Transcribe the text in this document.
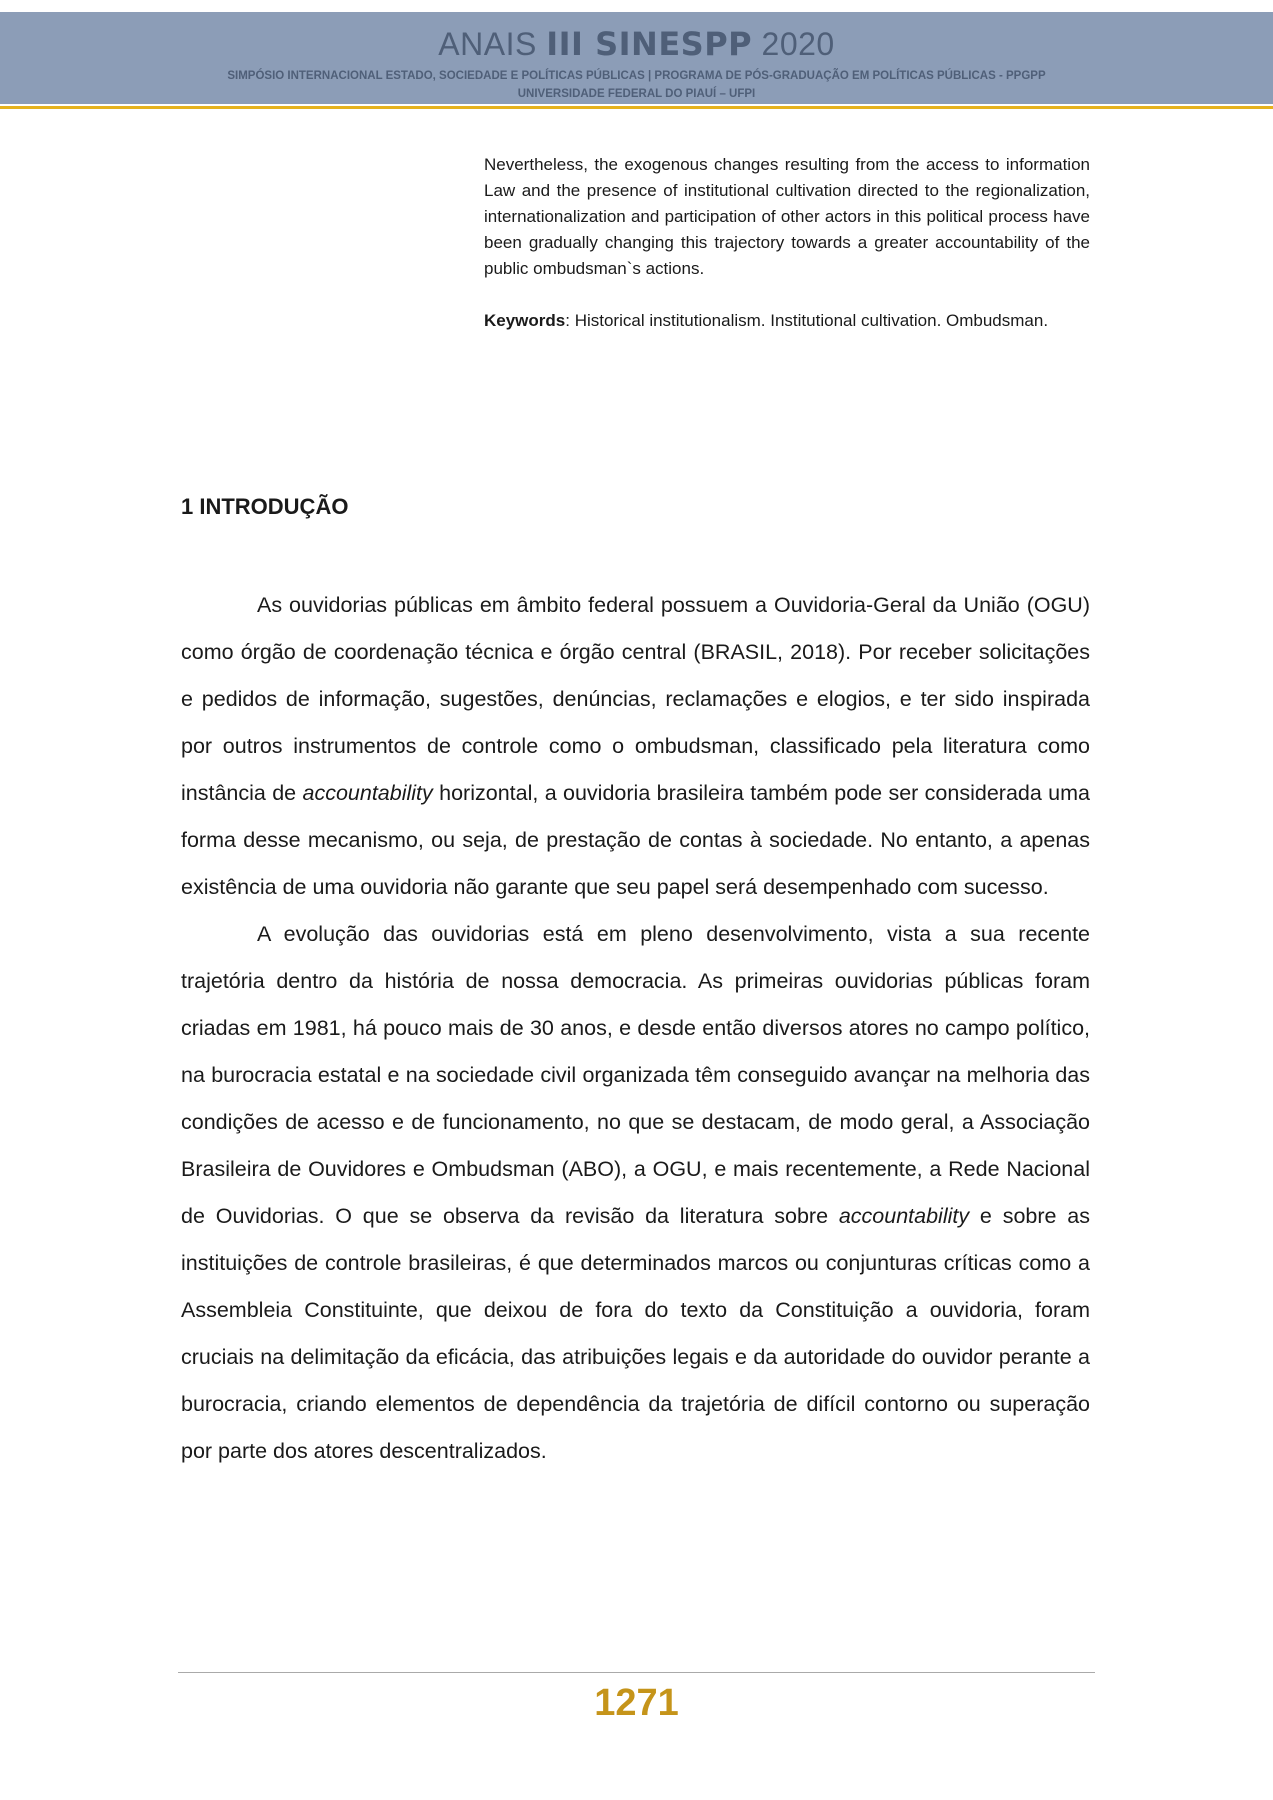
ANAIS III SINESPP 2020
SIMPÓSIO INTERNACIONAL ESTADO, SOCIEDADE E POLÍTICAS PÚBLICAS | PROGRAMA DE PÓS-GRADUAÇÃO EM POLÍTICAS PÚBLICAS - PPGPP
UNIVERSIDADE FEDERAL DO PIAUÍ – UFPI

Nevertheless, the exogenous changes resulting from the access to information Law and the presence of institutional cultivation directed to the regionalization, internationalization and participation of other actors in this political process have been gradually changing this trajectory towards a greater accountability of the public ombudsman`s actions.

Keywords: Historical institutionalism. Institutional cultivation. Ombudsman.

1 INTRODUÇÃO

As ouvidorias públicas em âmbito federal possuem a Ouvidoria-Geral da União (OGU) como órgão de coordenação técnica e órgão central (BRASIL, 2018). Por receber solicitações e pedidos de informação, sugestões, denúncias, reclamações e elogios, e ter sido inspirada por outros instrumentos de controle como o ombudsman, classificado pela literatura como instância de accountability horizontal, a ouvidoria brasileira também pode ser considerada uma forma desse mecanismo, ou seja, de prestação de contas à sociedade. No entanto, a apenas existência de uma ouvidoria não garante que seu papel será desempenhado com sucesso.

A evolução das ouvidorias está em pleno desenvolvimento, vista a sua recente trajetória dentro da história de nossa democracia. As primeiras ouvidorias públicas foram criadas em 1981, há pouco mais de 30 anos, e desde então diversos atores no campo político, na burocracia estatal e na sociedade civil organizada têm conseguido avançar na melhoria das condições de acesso e de funcionamento, no que se destacam, de modo geral, a Associação Brasileira de Ouvidores e Ombudsman (ABO), a OGU, e mais recentemente, a Rede Nacional de Ouvidorias. O que se observa da revisão da literatura sobre accountability e sobre as instituições de controle brasileiras, é que determinados marcos ou conjunturas críticas como a Assembleia Constituinte, que deixou de fora do texto da Constituição a ouvidoria, foram cruciais na delimitação da eficácia, das atribuições legais e da autoridade do ouvidor perante a burocracia, criando elementos de dependência da trajetória de difícil contorno ou superação por parte dos atores descentralizados.

1271
